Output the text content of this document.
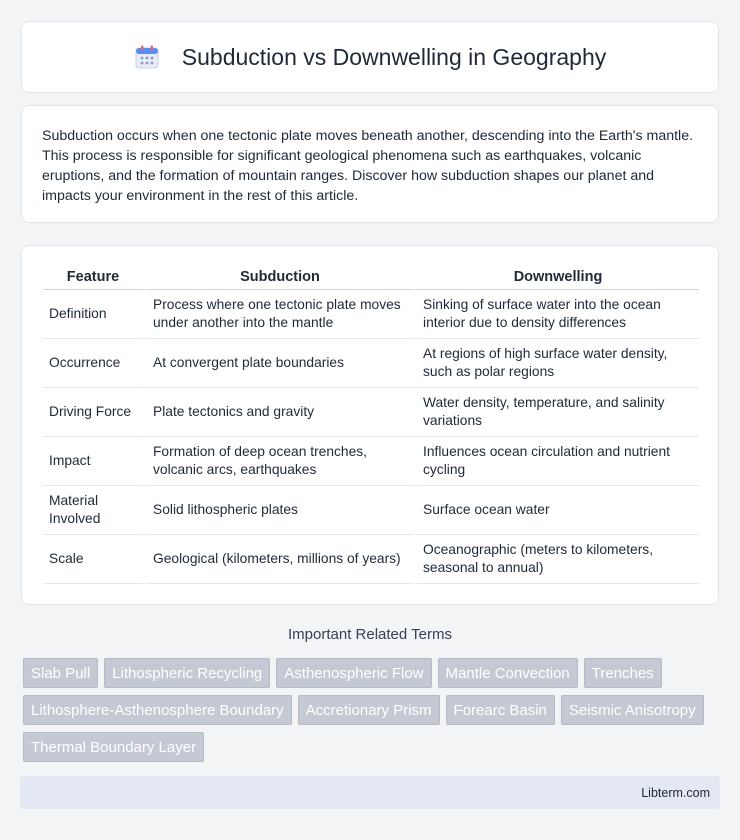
Subduction vs Downwelling in Geography

Subduction occurs when one tectonic plate moves beneath another, descending into the Earth's mantle. This process is responsible for significant geological phenomena such as earthquakes, volcanic eruptions, and the formation of mountain ranges. Discover how subduction shapes our planet and impacts your environment in the rest of this article.

Feature	Subduction	Downwelling
Definition	Process where one tectonic plate moves under another into the mantle	Sinking of surface water into the ocean interior due to density differences
Occurrence	At convergent plate boundaries	At regions of high surface water density, such as polar regions
Driving Force	Plate tectonics and gravity	Water density, temperature, and salinity variations
Impact	Formation of deep ocean trenches, volcanic arcs, earthquakes	Influences ocean circulation and nutrient cycling
Material Involved	Solid lithospheric plates	Surface ocean water
Scale	Geological (kilometers, millions of years)	Oceanographic (meters to kilometers, seasonal to annual)
Important Related Terms
Slab Pull	Lithospheric Recycling	Asthenospheric Flow	Mantle Convection	Trenches
Lithosphere-Asthenosphere Boundary	Accretionary Prism	Forearc Basin	Seismic Anisotropy
Thermal Boundary Layer
Libterm.com
